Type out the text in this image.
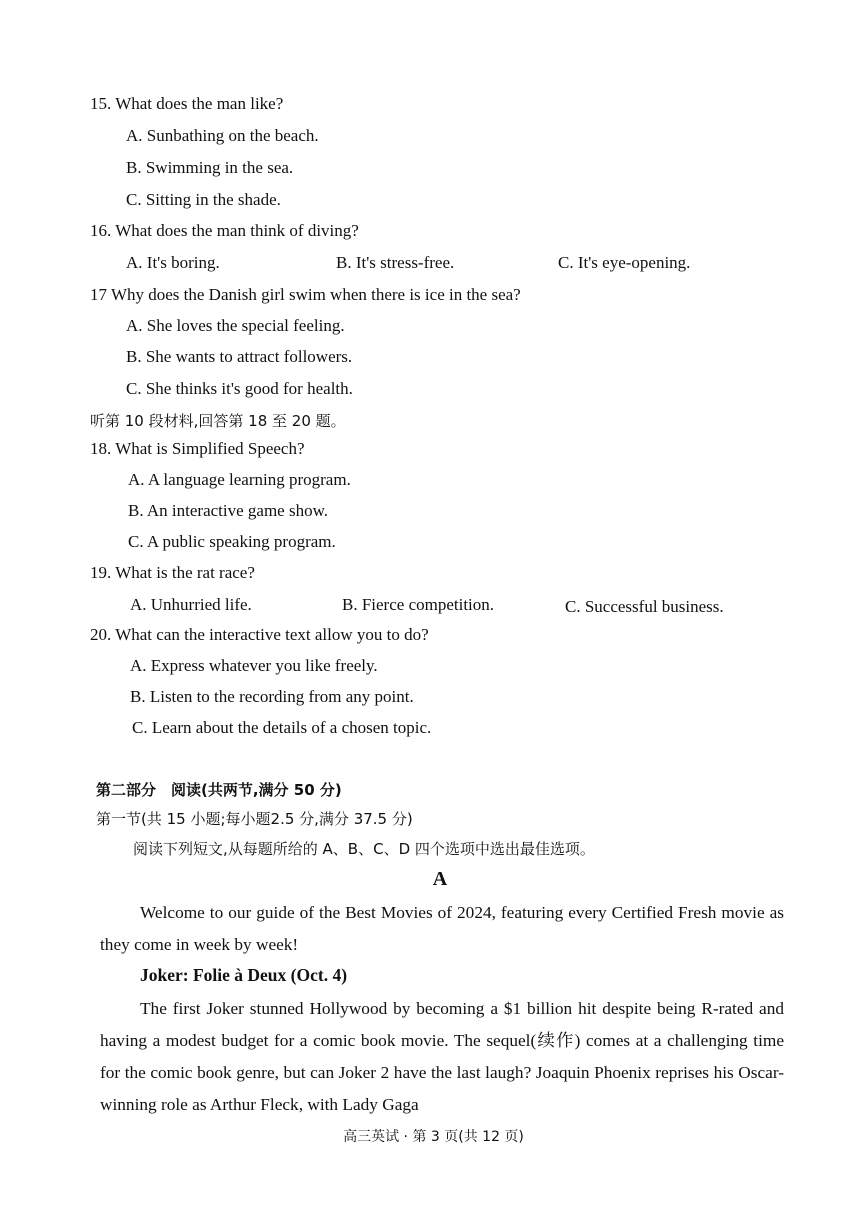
15. What does the man like?
A. Sunbathing on the beach.
B. Swimming in the sea.
C. Sitting in the shade.
16. What does the man think of diving?
A. It's boring.	B. It's stress-free.	C. It's eye-opening.
17 Why does the Danish girl swim when there is ice in the sea?
A. She loves the special feeling.
B. She wants to attract followers.
C. She thinks it's good for health.
听第 10 段材料,回答第 18 至 20 题。
18. What is Simplified Speech?
A. A language learning program.
B. An interactive game show.
C. A public speaking program.
19. What is the rat race?
A. Unhurried life.	B. Fierce competition.	C. Successful business.
20. What can the interactive text allow you to do?
A. Express whatever you like freely.
B. Listen to the recording from any point.
C. Learn about the details of a chosen topic.
第二部分　阅读(共两节,满分 50 分)
第一节(共 15 小题;每小题2.5 分,满分 37.5 分)
阅读下列短文,从每题所给的 A、B、C、D 四个选项中选出最佳选项。
A
Welcome to our guide of the Best Movies of 2024, featuring every Certified Fresh movie as they come in week by week!
Joker: Folie à Deux (Oct. 4)
The first Joker stunned Hollywood by becoming a $1 billion hit despite being R-rated and having a modest budget for a comic book movie. The sequel(续作) comes at a challenging time for the comic book genre, but can Joker 2 have the last laugh? Joaquin Phoenix reprises his Oscar-winning role as Arthur Fleck, with Lady Gaga
高三英试 · 第 3 页(共 12 页)
